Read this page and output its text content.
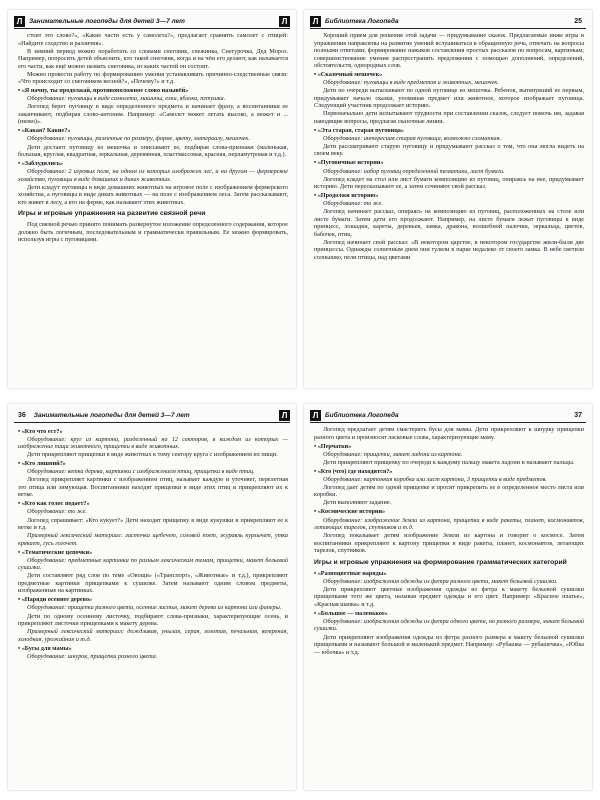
Л	Занимательные логопеды для детей 3—7 лет	Л

стоит это слово?», «Какие части есть у самолета?», предлагает сравнить самолет с птицей: «Найдите сходство и различия».

В зимний период можно поработать со словами снеговик, снежинка, Снегурочка, Дед Мороз. Например, попросить детей объяснить, кто такой снеговик, когда и на чём его делают, как называется его части, как ещё можно назвать снеговика, из каких частей он состоит.

Можно провести работу по формированию умения устанавливать причинно-следственные связи: «Что происходит со снеговиком весной?», «Почему?» и т.д.

• «Я начну, ты продолжай, противоположное слово назывёй»

Оборудование: пуговицы в виде самолета, машины, елки, яблока, петушка.

Логопед берет пуговицу в виде определенного предмета и начинает фразу, а воспитанники ее заканчивают, подбирая слово-антоним. Например: «Самолет может летать высоко, а может и ... (низко)».

• «Какая? Какие?»

Оборудование: пуговицы, различные по размеру, форме, цвету, материалу, мешочек.

Дети достают пуговицу из мешочка и описывают ее, подбирая слова-признаки (маленькая, большая, круглая, квадратная, зеркальная, деревянная, пластмассовая, красная, перламутровая и т.д.).

• «Заблудились»

Оборудование: 2 игровых поля, на одном из которых изображен лес, а на другом — фермерское хозяйство, пуговицы в виде домашних и диких животных.

Дети кладут пуговицы в виде домашних животных на игровое поле с изображением фермерского хозяйства, а пуговицы в виде диких животных — на поле с изображением леса. Затем рассказывают, кто живет в лесу, а кто на ферме, как называют этих животных.

Игры и игровые упражнения на развитие связной речи

Под связной речью принято понимать развернутое изложение определенного содержания, которое должно быть логичным, последовательным и грамматически правильным. Ее можно формировать, используя игры с пуговицами.

Л	Библиотека Логопеда	25

Хороший прием для решения этой задачи — придумывание сказок. Предлагаемые ниже игры и упражнения направлены на развитие умений вслушиваться в обращенную речь, отвечать на вопросы полными ответами; формирование навыков составления простых рассказов по вопросам, картинкам; совершенствование умения распространять предложения с помощью дополнений, определений, обстоятельств, однородных слов.

• «Сказочный мешочек»

Оборудование: пуговицы в виде предметов и животных, мешочек.

Дети по очереди вытаскивают по одной пуговице из мешочка. Ребенок, вытянувший ее первым, придумывает начало сказки, упоминая предмет или животное, которое изображает пуговица. Следующий участник продолжает историю.

Первоначально дети испытывают трудности при составлении сказок, следует помочь им, задавая наводящие вопросы, предлагая сказочные линии.

• «Эта старая, старая пуговица»

Оборудование: интересная старая пуговица, возможно сломанная.

Дети рассматривают старую пуговицу и придумывают рассказ о том, что она могла видеть на своем веку.

• «Пуговичные истории»

Оборудование: набор пуговиц определенной тематики, лист бумаги.

Логопед кладет на стол или лист бумаги композицию из пуговиц, опираясь на нее, придумывает историю. Дети пересказывают ее, а затем сочиняют свой рассказ.

• «Продолжи историю»

Оборудование: то же.

Логопед начинает рассказ, опираясь на композицию из пуговиц, расположенных на столе или листе бумаги. Затем дети его продолжают. Например, на листе бумаги лежат пуговицы в виде принцесс, лошадки, кареты, деревьев, замка, дракона, волшебной палочки, зеркальца, цветов, бабочек, птиц.

Логопед начинает свой рассказ: «В некотором царстве, в некотором государстве жили-были две принцессы. Однажды солнечным днем они гуляли в парке недалеко от своего замка. В небе светило солнышко, пели птицы, над цветами

36	Занимательные логопеды для детей 3—7 лет	Л

• «Кто что ест?»

Оборудование: круг из картона, разделенный на 12 секторов, в каждом из которых — изображение пищи животного, прищепки в виде животных.

Дети прикрепляют прищепки в виде животных к тому сектору круга с изображением их пищи.

• «Кто лишний?»

Оборудование: ветка дерева, картинки с изображением птиц, прищепки в виде птиц.

Логопед прикрепляет картинки с изображением птиц, называет каждую и уточняет, перелетная это птица или зимующая. Воспитанники находят прищепки в виде этих птиц и прикрепляют их к ветке.

• «Кто как голос подает?»

Оборудование: то же.

Логопед спрашивает: «Кто кукует?» Дети находят прищепку в виде кукушки и прикрепляют ее к ветке и т.д.

Примерный лексический материал: ласточка щебечет, соловей поет, журавль курлычет, утка крякает, гусь гогочет.

• «Тематические цепочки»

Оборудование: предметные картинки по разным лексическим темам, прищепки, макет бельевой сушилки.

Дети составляют ряд слов по теме «Овощи» («Транспорт», «Животные» и т.д.), прикрепляют предметные картинки прищепками к сушилке. Затем называют одним словом предметы, изображенные на картинках.

• «Наряди осеннее дерево»

Оборудование: прищепки разного цвета, осенние листья, макет дерева из картона или фанеры.

Дети по одному осеннему листочку, подбирают слова-признаки, характеризующие осень, и прикрепляют листочки прищепками к макету дерева.

Примерный лексический материал: дождливая, унылая, серая, золотая, печальная, ветреная, холодная, урожайная и т.д.

• «Бусы для мамы»

Оборудование: шнурок, прищепки разного цвета.

Л	Библиотека Логопеда	37

Логопед предлагает детям смастерить бусы для мамы. Дети прикрепляют к шнурку прищепки разного цвета и произносят ласковые слова, характеризующие маму.

• «Перчатки»

Оборудование: прищепки, макет ладони из картона.

Дети прикрепляют прищепку по очереди к каждому пальцу макета ладони и называют пальцы.

• «Кто (что) где находится?»

Оборудование: картонная коробка или лист картона, 3 прищепки в виде предметов.

Логопед дает детям по одной прищепке и просит прикрепить ее в определенное место листа или коробки.

Дети выполняют задание.

• «Космические истории»

Оборудование: изображение Земли из картона, прищепки в виде ракеты, планет, космонавтов, летающих тарелок, спутников и т.д.

Логопед показывает детям изображение Земли из картона и говорит о космосе. Затем воспитанники прикрепляют к картону прищепки в виде ракеты, планет, космонавтов, летающих тарелок, спутников.

Игры и игровые упражнения на формирование грамматических категорий

• «Разноцветные наряды»

Оборудование: изображения одежды из фетра разного цвета, макет бельевой сушилки.

Дети прикрепляют цветные изображения одежды из фетра к макету бельевой сушилки прищепками того же цвета, называя предмет одежды и его цвет. Например: «Красное платье», «Красная шапка» и т.д.

• «Большое — маленькое»

Оборудование: изображения одежды из фетра одного цвета, но разного размера, макет бельевой сушилки.

Дети прикрепляют изображения одежды из фетра разного размера к макету бельевой сушилки прищепками и называют большой и маленький предмет. Например: «Рубашка — рубашечка», «Юбка — юбочка» и т.д.
